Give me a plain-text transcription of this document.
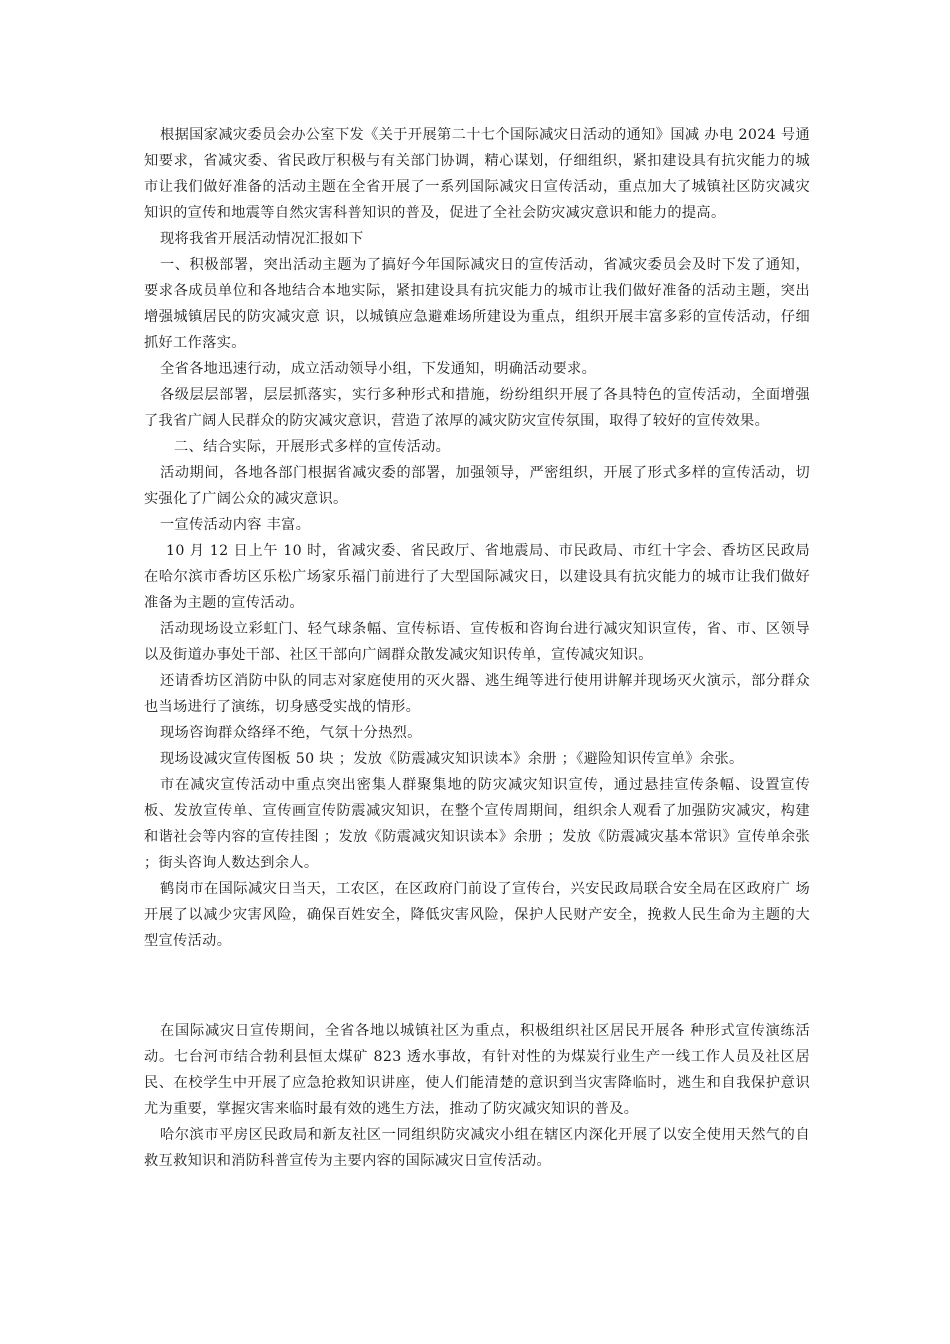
根据国家减灾委员会办公室下发《关于开展第二十七个国际减灾日活动的通知》国减 办电 2024 号通知要求，省减灾委、省民政厅积极与有关部门协调，精心谋划，仔细组织，紧扣建设具有抗灾能力的城市让我们做好准备的活动主题在全省开展了一系列国际减灾日宣传活动，重点加大了城镇社区防灾减灾知识的宣传和地震等自然灾害科普知识的普及，促进了全社会防灾减灾意识和能力的提高。

现将我省开展活动情况汇报如下

一、积极部署，突出活动主题为了搞好今年国际减灾日的宣传活动，省减灾委员会及时下发了通知，要求各成员单位和各地结合本地实际，紧扣建设具有抗灾能力的城市让我们做好准备的活动主题，突出增强城镇居民的防灾减灾意 识，以城镇应急避难场所建设为重点，组织开展丰富多彩的宣传活动，仔细抓好工作落实。

全省各地迅速行动，成立活动领导小组，下发通知，明确活动要求。

各级层层部署，层层抓落实，实行多种形式和措施，纷纷组织开展了各具特色的宣传活动，全面增强了我省广阔人民群众的防灾减灾意识，营造了浓厚的减灾防灾宣传氛围，取得了较好的宣传效果。

二、结合实际，开展形式多样的宣传活动。

活动期间，各地各部门根据省减灾委的部署，加强领导，严密组织，开展了形式多样的宣传活动，切实强化了广阔公众的减灾意识。

一宣传活动内容 丰富。

10 月 12 日上午 10 时，省减灾委、省民政厅、省地震局、市民政局、市红十字会、香坊区民政局在哈尔滨市香坊区乐松广场家乐福门前进行了大型国际减灾日，以建设具有抗灾能力的城市让我们做好准备为主题的宣传活动。

活动现场设立彩虹门、轻气球条幅、宣传标语、宣传板和咨询台进行减灾知识宣传，省、市、区领导以及街道办事处干部、社区干部向广阔群众散发减灾知识传单，宣传减灾知识。

还请香坊区消防中队的同志对家庭使用的灭火器、逃生绳等进行使用讲解并现场灭火演示，部分群众也当场进行了演练，切身感受实战的情形。

现场咨询群众络绎不绝，气氛十分热烈。

现场设减灾宣传图板 50 块 ；发放《防震减灾知识读本》余册 ；《避险知识传宣单》余张。

市在减灾宣传活动中重点突出密集人群聚集地的防灾减灾知识宣传，通过悬挂宣传条幅、设置宣传板、发放宣传单、宣传画宣传防震减灾知识，在整个宣传周期间，组织余人观看了加强防灾减灾，构建和谐社会等内容的宣传挂图 ；发放《防震减灾知识读本》余册 ；发放《防震减灾基本常识》宣传单余张 ；街头咨询人数达到余人。

鹤岗市在国际减灾日当天，工农区，在区政府门前设了宣传台，兴安民政局联合安全局在区政府广 场开展了以减少灾害风险，确保百姓安全，降低灾害风险，保护人民财产安全，挽救人民生命为主题的大型宣传活动。

在国际减灾日宣传期间，全省各地以城镇社区为重点，积极组织社区居民开展各 种形式宣传演练活动。七台河市结合勃利县恒太煤矿 823 透水事故，有针对性的为煤炭行业生产一线工作人员及社区居民、在校学生中开展了应急抢救知识讲座，使人们能清楚的意识到当灾害降临时，逃生和自我保护意识尤为重要，掌握灾害来临时最有效的逃生方法，推动了防灾减灾知识的普及。

哈尔滨市平房区民政局和新友社区一同组织防灾减灾小组在辖区内深化开展了以安全使用天然气的自救互救知识和消防科普宣传为主要内容的国际减灾日宣传活动。
